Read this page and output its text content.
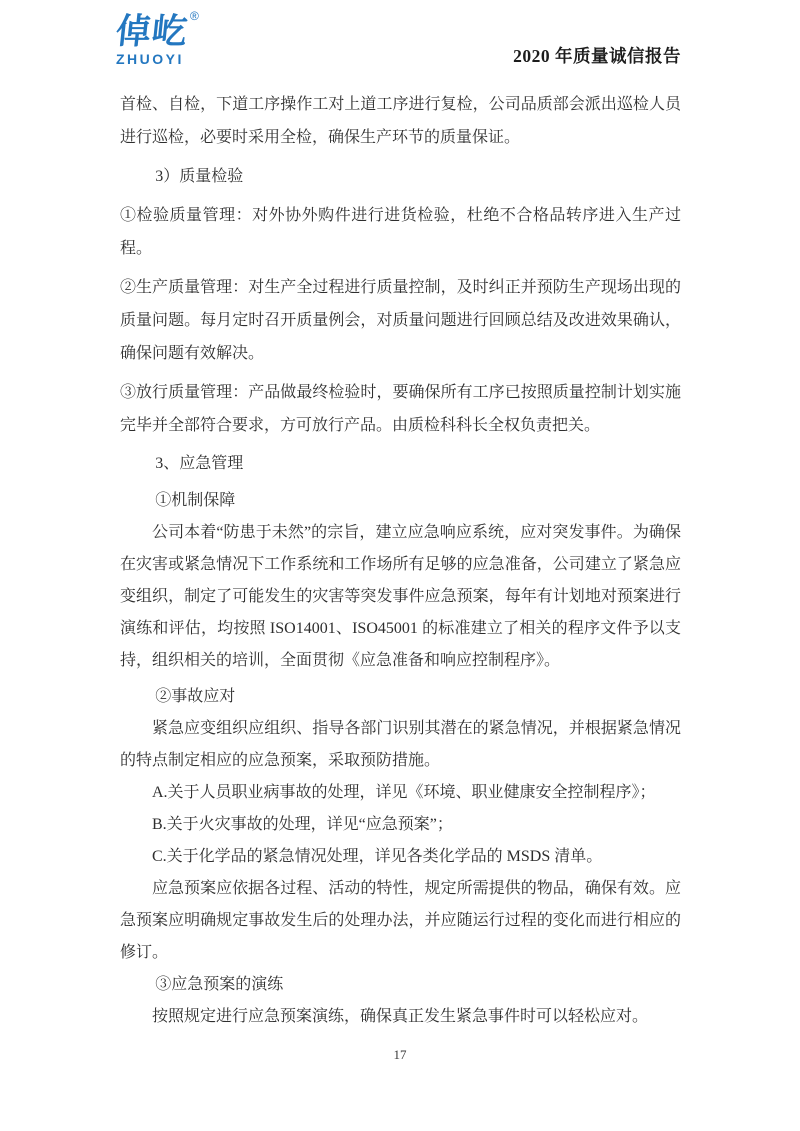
倬屹®
ZHUOYI	2020 年质量诚信报告

首检、自检，下道工序操作工对上道工序进行复检，公司品质部会派出巡检人员进行巡检，必要时采用全检，确保生产环节的质量保证。

3）质量检验

①检验质量管理：对外协外购件进行进货检验，杜绝不合格品转序进入生产过程。

②生产质量管理：对生产全过程进行质量控制，及时纠正并预防生产现场出现的质量问题。每月定时召开质量例会，对质量问题进行回顾总结及改进效果确认，确保问题有效解决。

③放行质量管理：产品做最终检验时，要确保所有工序已按照质量控制计划实施完毕并全部符合要求，方可放行产品。由质检科科长全权负责把关。

3、应急管理

①机制保障

公司本着“防患于未然”的宗旨，建立应急响应系统，应对突发事件。为确保在灾害或紧急情况下工作系统和工作场所有足够的应急准备，公司建立了紧急应变组织，制定了可能发生的灾害等突发事件应急预案，每年有计划地对预案进行演练和评估，均按照 ISO14001、ISO45001 的标准建立了相关的程序文件予以支持，组织相关的培训，全面贯彻《应急准备和响应控制程序》。

②事故应对

紧急应变组织应组织、指导各部门识别其潜在的紧急情况，并根据紧急情况的特点制定相应的应急预案，采取预防措施。

A.关于人员职业病事故的处理，详见《环境、职业健康安全控制程序》；

B.关于火灾事故的处理，详见“应急预案”；

C.关于化学品的紧急情况处理，详见各类化学品的 MSDS 清单。

应急预案应依据各过程、活动的特性，规定所需提供的物品，确保有效。应急预案应明确规定事故发生后的处理办法，并应随运行过程的变化而进行相应的修订。

③应急预案的演练

按照规定进行应急预案演练，确保真正发生紧急事件时可以轻松应对。

17
